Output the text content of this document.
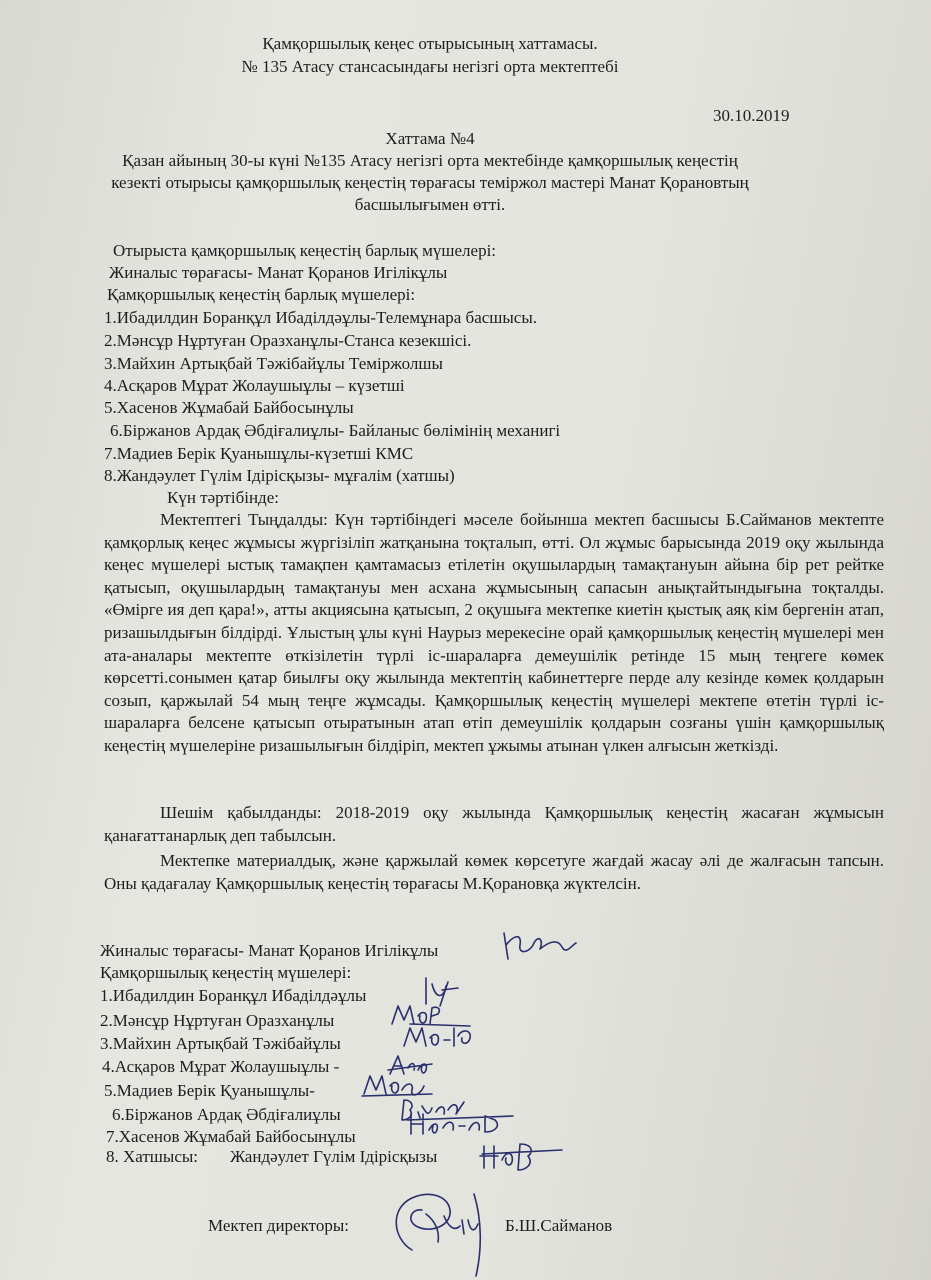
Қамқоршылық кеңес отырысының хаттамасы.
№ 135 Атасу стансасындағы негізгі орта мектептебі
30.10.2019
Хаттама №4
Қазан айының 30-ы күні №135 Атасу негізгі орта мектебінде қамқоршылық кеңестің
кезекті отырысы қамқоршылық кеңестің төрағасы теміржол мастері Манат Қорановтың
басшылығымен өтті.
Отырыста қамқоршылық кеңестің барлық мүшелері:
Жиналыс төрағасы- Манат Қоранов Игілікұлы
Қамқоршылық кеңестің барлық мүшелері:
1.Ибадилдин Боранқұл Ибаділдәұлы-Телемұнара басшысы.
2.Мәнсұр Нұртуған Оразханұлы-Станса кезекшісі.
3.Майхин Артықбай Тәжібайұлы Теміржолшы
4.Асқаров Мұрат Жолаушыұлы – күзетші
5.Хасенов Жұмабай Байбосынұлы
6.Біржанов Ардақ Әбдіғалиұлы- Байланыс бөлімінің механигі
7.Мадиев Берік Қуанышұлы-күзетші КМС
8.Жандәулет Гүлім Ідірісқызы- мұғалім (хатшы)
Күн тәртібінде:
Мектептегі Тыңдалды: Күн тәртібіндегі мәселе бойынша мектеп басшысы Б.Сайманов мектепте қамқорлық кеңес жұмысы жүргізіліп жатқанына тоқталып, өтті. Ол жұмыс барысында 2019 оқу жылында кеңес мүшелері ыстық тамақпен қамтамасыз етілетін оқушылардың тамақтануын айына бір рет рейтке қатысып, оқушылардың тамақтануы мен асхана жұмысының сапасын анықтайтындығына тоқталды. «Өмірге ия деп қара!», атты акциясына қатысып, 2 оқушыға мектепке киетін қыстық аяқ кім бергенін атап, ризашылдығын білдірді. Ұлыстың ұлы күні Наурыз мерекесіне орай қамқоршылық кеңестің мүшелері мен ата-аналары мектепте өткізілетін түрлі іс-шараларға демеушілік ретінде 15 мың теңгеге көмек көрсетті.сонымен қатар биылғы оқу жылында мектептің кабинеттерге перде алу кезінде көмек қолдарын созып, қаржылай 54 мың теңге жұмсады. Қамқоршылық кеңестің мүшелері мектепе өтетін түрлі іс-шараларға белсене қатысып отыратынын атап өтіп демеушілік қолдарын созғаны үшін қамқоршылық кеңестің мүшелеріне ризашылығын білдіріп, мектеп ұжымы атынан үлкен алғысын жеткізді.
Шешім қабылданды: 2018-2019 оқу жылында Қамқоршылық кеңестің жасаған жұмысын қанағаттанарлық деп табылсын.
Мектепке материалдық, және қаржылай көмек көрсетуге жағдай жасау әлі де жалғасын тапсын. Оны қадағалау Қамқоршылық кеңестің төрағасы М.Қорановқа жүктелсін.
Жиналыс төрағасы- Манат Қоранов Игілікұлы
Қамқоршылық кеңестің мүшелері:
1.Ибадилдин Боранқұл Ибаділдәұлы
2.Мәнсұр Нұртуған Оразханұлы
3.Майхин Артықбай Тәжібайұлы
4.Асқаров Мұрат Жолаушыұлы -
5.Мадиев Берік Қуанышұлы-
6.Біржанов Ардақ Әбдіғалиұлы
7.Хасенов Жұмабай Байбосынұлы
8. Хатшысы: Жандәулет Гүлім Ідірісқызы
Мектеп директоры:	Б.Ш.Сайманов
